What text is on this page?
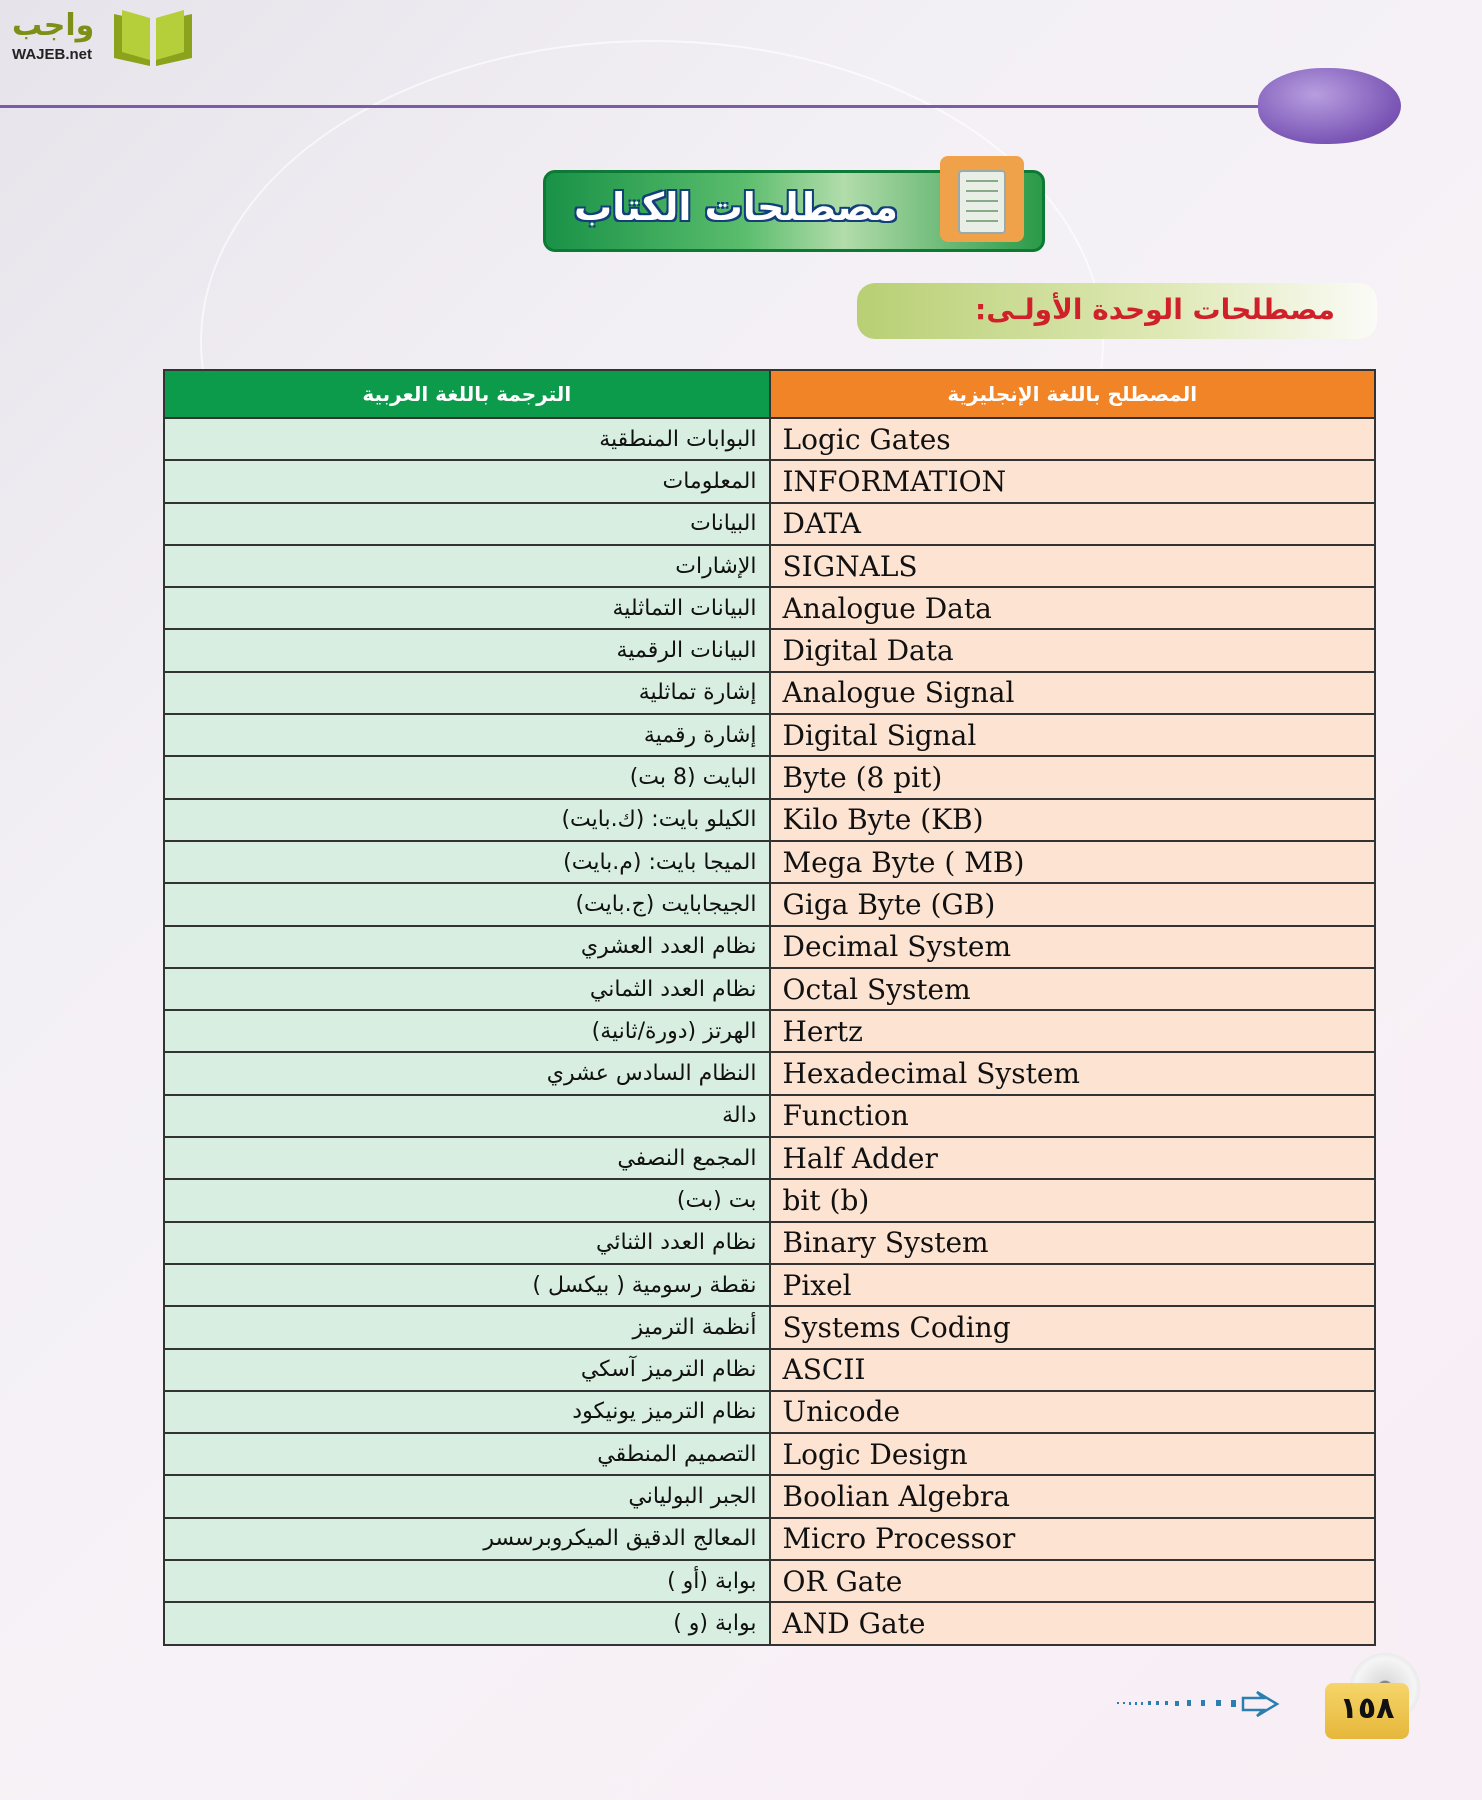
واجب
WAJEB.net
مصطلحات الكتاب
مصطلحات الوحدة الأولـى:
الترجمة باللغة العربية	المصطلح باللغة الإنجليزية
البوابات المنطقية	Logic Gates
المعلومات	INFORMATION
البيانات	DATA
الإشارات	SIGNALS
البيانات التماثلية	Analogue Data
البيانات الرقمية	Digital Data
إشارة تماثلية	Analogue Signal
إشارة رقمية	Digital Signal
البايت (8 بت)	Byte (8 pit)
الكيلو بايت: (ك.بايت)	Kilo Byte (KB)
الميجا بايت: (م.بايت)	Mega Byte ( MB)
الجيجابايت (ج.بايت)	Giga Byte (GB)
نظام العدد العشري	Decimal System
نظام العدد الثماني	Octal System
الهرتز (دورة/ثانية)	Hertz
النظام السادس عشري	Hexadecimal System
دالة	Function
المجمع النصفي	Half Adder
بت (بت)	bit (b)
نظام العدد الثنائي	Binary System
نقطة رسومية ( بيكسل )	Pixel
أنظمة الترميز	Systems Coding
نظام الترميز آسكي	ASCII
نظام الترميز يونيكود	Unicode
التصميم المنطقي	Logic Design
الجبر البولياني	Boolian Algebra
المعالج الدقيق الميكروبرسسر	Micro Processor
بوابة (أو )	OR Gate
بوابة (و )	AND Gate
١٥٨
